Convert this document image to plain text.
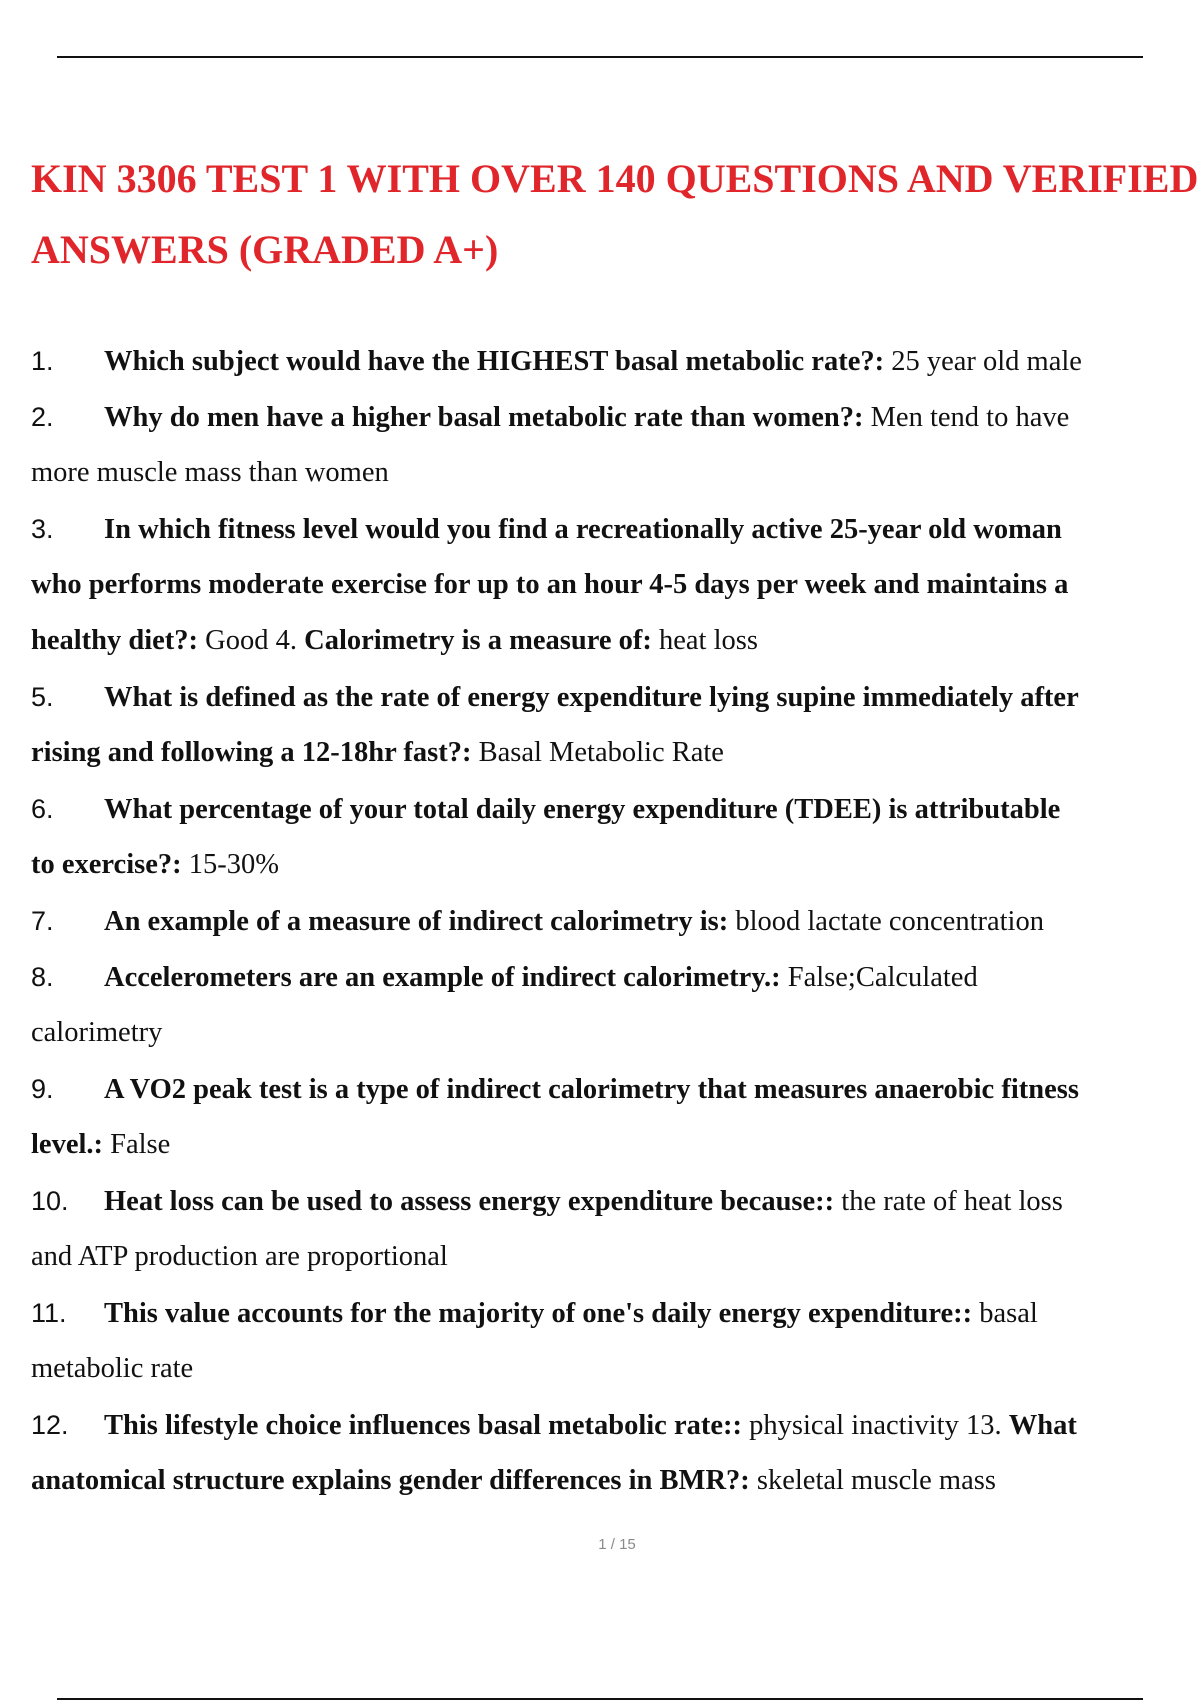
KIN 3306 TEST 1 WITH OVER 140 QUESTIONS AND VERIFIED
ANSWERS (GRADED A+)
1. Which subject would have the HIGHEST basal metabolic rate?: 25 year old male
2. Why do men have a higher basal metabolic rate than women?: Men tend to have
more muscle mass than women
3. In which fitness level would you find a recreationally active 25-year old woman
who performs moderate exercise for up to an hour 4-5 days per week and maintains a
healthy diet?: Good 4. Calorimetry is a measure of: heat loss
5. What is defined as the rate of energy expenditure lying supine immediately after
rising and following a 12-18hr fast?: Basal Metabolic Rate
6. What percentage of your total daily energy expenditure (TDEE) is attributable
to exercise?: 15-30%
7. An example of a measure of indirect calorimetry is: blood lactate concentration
8. Accelerometers are an example of indirect calorimetry.: False;Calculated
calorimetry
9. A VO2 peak test is a type of indirect calorimetry that measures anaerobic fitness
level.: False
10. Heat loss can be used to assess energy expenditure because:: the rate of heat loss
and ATP production are proportional
11. This value accounts for the majority of one's daily energy expenditure:: basal
metabolic rate
12. This lifestyle choice influences basal metabolic rate:: physical inactivity 13. What
anatomical structure explains gender differences in BMR?: skeletal muscle mass
1 / 15
